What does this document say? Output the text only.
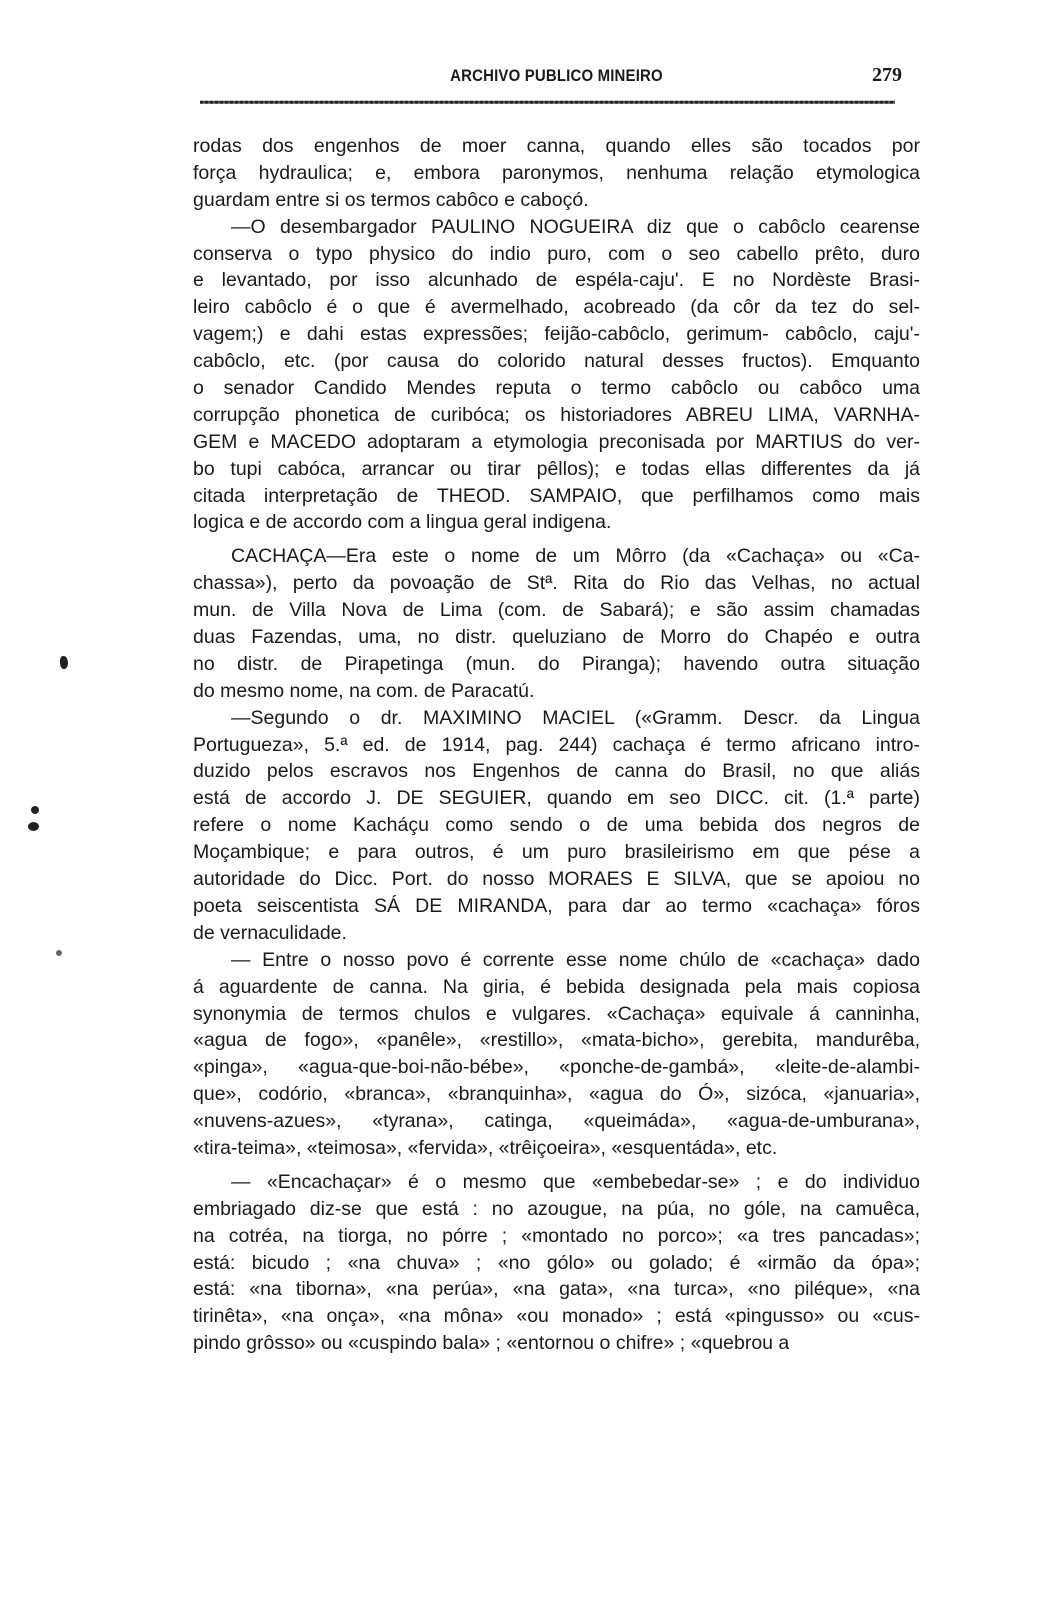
ARCHIVO PUBLICO MINEIRO	279
rodas dos engenhos de moer canna, quando elles são tocados por
força hydraulica; e, embora paronymos, nenhuma relação etymologica
guardam entre si os termos cabôco e caboçó.
—O desembargador PAULINO NOGUEIRA diz que o cabôclo cearense
conserva o typo physico do indio puro, com o seo cabello prêto, duro
e levantado, por isso alcunhado de espéla-caju'. E no Nordèste Brasi-
leiro cabôclo é o que é avermelhado, acobreado (da côr da tez do sel-
vagem;) e dahi estas expressões; feijão-cabôclo, gerimum- cabôclo, caju'-
cabôclo, etc. (por causa do colorido natural desses fructos). Emquanto
o senador Candido Mendes reputa o termo cabôclo ou cabôco uma
corrupção phonetica de curibóca; os historiadores ABREU LIMA, VARNHA-
GEM e MACEDO adoptaram a etymologia preconisada por MARTIUS do ver-
bo tupi cabóca, arrancar ou tirar pêllos); e todas ellas differentes da já
citada interpretação de THEOD. SAMPAIO, que perfilhamos como mais
logica e de accordo com a lingua geral indigena.
CACHAÇA—Era este o nome de um Môrro (da «Cachaça» ou «Ca-
chassa»), perto da povoação de Stª. Rita do Rio das Velhas, no actual
mun. de Villa Nova de Lima (com. de Sabará); e são assim chamadas
duas Fazendas, uma, no distr. queluziano de Morro do Chapéo e outra
no distr. de Pirapetinga (mun. do Piranga); havendo outra situação
do mesmo nome, na com. de Paracatú.
—Segundo o dr. MAXIMINO MACIEL («Gramm. Descr. da Lingua
Portugueza», 5.ª ed. de 1914, pag. 244) cachaça é termo africano intro-
duzido pelos escravos nos Engenhos de canna do Brasil, no que aliás
está de accordo J. DE SEGUIER, quando em seo DICC. cit. (1.ª parte)
refere o nome Kacháçu como sendo o de uma bebida dos negros de
Moçambique; e para outros, é um puro brasileirismo em que pése a
autoridade do Dicc. Port. do nosso MORAES E SILVA, que se apoiou no
poeta seiscentista SÁ DE MIRANDA, para dar ao termo «cachaça» fóros
de vernaculidade.
— Entre o nosso povo é corrente esse nome chúlo de «cachaça» dado
á aguardente de canna. Na giria, é bebida designada pela mais copiosa
synonymia de termos chulos e vulgares. «Cachaça» equivale á canninha,
«agua de fogo», «panêle», «restillo», «mata-bicho», gerebita, mandurêba,
«pinga», «agua-que-boi-não-bébe», «ponche-de-gambá», «leite-de-alambi-
que», codório, «branca», «branquinha», «agua do Ó», sizóca, «januaria»,
«nuvens-azues», «tyrana», catinga, «queimáda», «agua-de-umburana»,
«tira-teima», «teimosa», «fervida», «trêiçoeira», «esquentáda», etc.
— «Encachaçar» é o mesmo que «embebedar-se» ; e do individuo
embriagado diz-se que está : no azougue, na púa, no góle, na camuêca,
na cotréa, na tiorga, no pórre ; «montado no porco»; «a tres pancadas»;
está: bicudo ; «na chuva» ; «no gólo» ou golado; é «irmão da ópa»;
está: «na tiborna», «na perúa», «na gata», «na turca», «no piléque», «na
tirinêta», «na onça», «na môna» «ou monado» ; está «pingusso» ou «cus-
pindo grôsso» ou «cuspindo bala» ; «entornou o chifre» ; «quebrou a
